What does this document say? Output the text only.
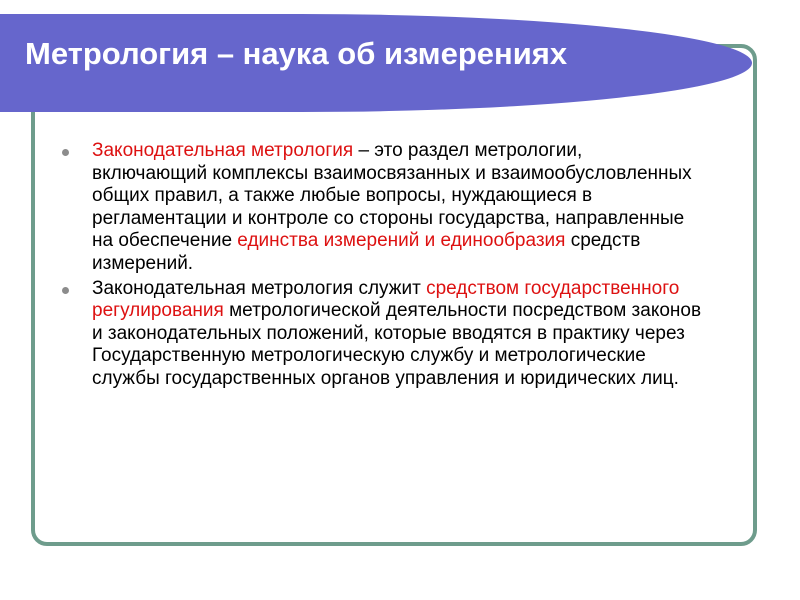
Метрология – наука об измерениях
Законодательная метрология – это раздел метрологии, включающий комплексы взаимосвязанных и взаимообусловленных общих правил, а также любые вопросы, нуждающиеся в регламентации и контроле со стороны государства, направленные на обеспечение единства измерений и единообразия средств измерений.
Законодательная метрология служит средством государственного регулирования метрологической деятельности посредством законов и законодательных положений, которые вводятся в практику через Государственную метрологическую службу и метрологические службы государственных органов управления и юридических лиц.
